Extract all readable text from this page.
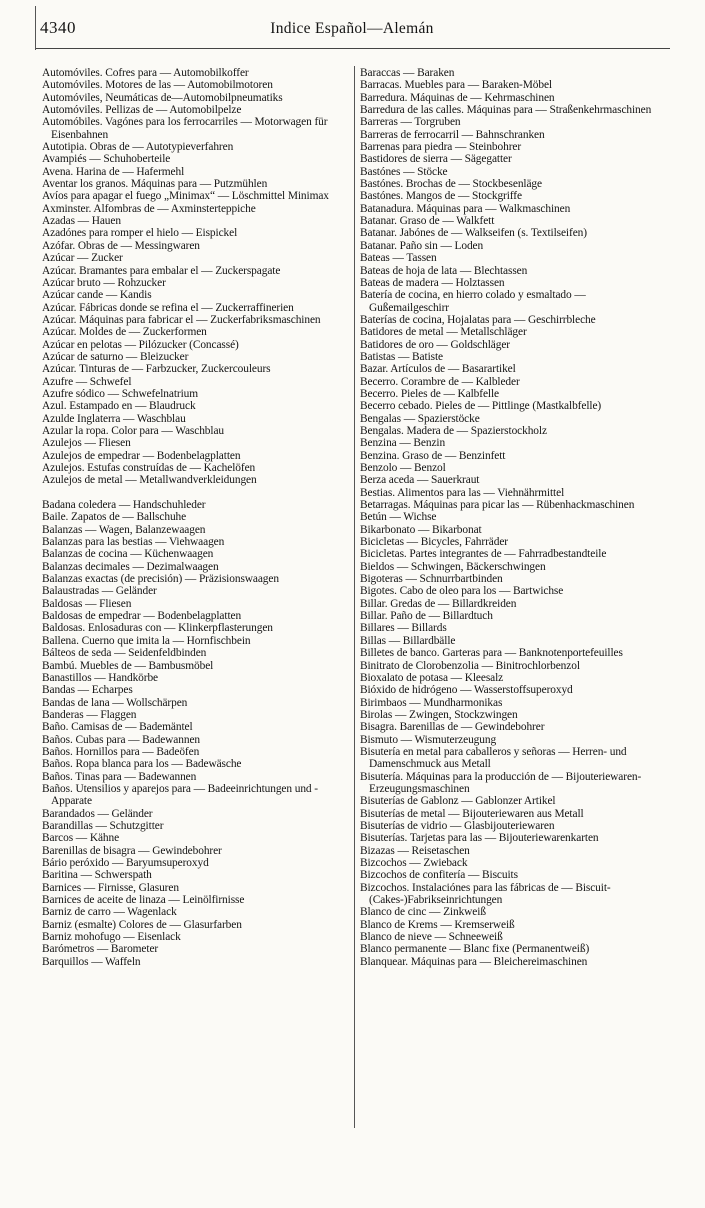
4340	Indice Español—Alemán
Automóviles. Cofres para — Automobilkoffer
Automóviles. Motores de las — Automobilmotoren
Automóviles, Neumáticas de—Automobilpneumatiks
Automóviles. Pellizas de — Automobilpelze
Automóbiles. Vagónes para los ferrocarriles — Motorwagen für Eisenbahnen
Autotipia. Obras de — Autotypieverfahren
Avampiés — Schuhoberteile
Avena. Harina de — Hafermehl
Aventar los granos. Máquinas para — Putzmühlen
Avíos para apagar el fuego „Minimax“ — Löschmittel Minimax
Axminster. Alfombras de — Axminsterteppiche
Azadas — Hauen
Azadónes para romper el hielo — Eispickel
Azófar. Obras de — Messingwaren
Azúcar — Zucker
Azúcar. Bramantes para embalar el — Zuckerspagate
Azúcar bruto — Rohzucker
Azúcar cande — Kandis
Azúcar. Fábricas donde se refina el — Zuckerraffinerien
Azúcar. Máquinas para fabricar el — Zuckerfabriksmaschinen
Azúcar. Moldes de — Zuckerformen
Azúcar en pelotas — Pilózucker (Concassé)
Azúcar de saturno — Bleizucker
Azúcar. Tinturas de — Farbzucker, Zuckercouleurs
Azufre — Schwefel
Azufre sódico — Schwefelnatrium
Azul. Estampado en — Blaudruck
Azulde Inglaterra — Waschblau
Azular la ropa. Color para — Waschblau
Azulejos — Fliesen
Azulejos de empedrar — Bodenbelagplatten
Azulejos. Estufas construídas de — Kachelöfen
Azulejos de metal — Metallwandverkleidungen
Badana coledera — Handschuhleder
Baile. Zapatos de — Ballschuhe
Balanzas — Wagen, Balanzewaagen
Balanzas para las bestias — Viehwaagen
Balanzas de cocina — Küchenwaagen
Balanzas decimales — Dezimalwaagen
Balanzas exactas (de precisión) — Präzisionswaagen
Balaustradas — Geländer
Baldosas — Fliesen
Baldosas de empedrar — Bodenbelagplatten
Baldosas. Enlosaduras con — Klinkerpflasterungen
Ballena. Cuerno que imita la — Hornfischbein
Bálteos de seda — Seidenfeldbinden
Bambú. Muebles de — Bambusmöbel
Banastillos — Handkörbe
Bandas — Echarpes
Bandas de lana — Wollschärpen
Banderas — Flaggen
Baño. Camisas de — Bademäntel
Baños. Cubas para — Badewannen
Baños. Hornillos para — Badeöfen
Baños. Ropa blanca para los — Badewäsche
Baños. Tinas para — Badewannen
Baños. Utensilios y aparejos para — Badeeinrichtungen und -Apparate
Barandados — Geländer
Barandillas — Schutzgitter
Barcos — Kähne
Barenillas de bisagra — Gewindebohrer
Bário peróxido — Baryumsuperoxyd
Baritina — Schwerspath
Barnices — Firnisse, Glasuren
Barnices de aceite de linaza — Leinölfirnisse
Barniz de carro — Wagenlack
Barniz (esmalte) Colores de — Glasurfarben
Barniz mohofugo — Eisenlack
Barómetros — Barometer
Barquillos — Waffeln
Baraccas — Baraken
Barracas. Muebles para — Baraken-Möbel
Barredura. Máquinas de — Kehrmaschinen
Barredura de las calles. Máquinas para — Straßenkehrmaschinen
Barreras — Torgruben
Barreras de ferrocarril — Bahnschranken
Barrenas para piedra — Steinbohrer
Bastidores de sierra — Sägegatter
Bastónes — Stöcke
Bastónes. Brochas de — Stockbesenläge
Bastónes. Mangos de — Stockgriffe
Batanadura. Máquinas para — Walkmaschinen
Batanar. Graso de — Walkfett
Batanar. Jabónes de — Walkseifen (s. Textilseifen)
Batanar. Paño sin — Loden
Bateas — Tassen
Bateas de hoja de lata — Blechtassen
Bateas de madera — Holztassen
Batería de cocina, en hierro colado y esmaltado — Gußemailgeschirr
Baterías de cocina, Hojalatas para — Geschirrbleche
Batidores de metal — Metallschläger
Batidores de oro — Goldschläger
Batistas — Batiste
Bazar. Artículos de — Basarartikel
Becerro. Corambre de — Kalbleder
Becerro. Pieles de — Kalbfelle
Becerro cebado. Pieles de — Pittlinge (Mastkalbfelle)
Bengalas — Spazierstöcke
Bengalas. Madera de — Spazierstockholz
Benzina — Benzin
Benzina. Graso de — Benzinfett
Benzolo — Benzol
Berza aceda — Sauerkraut
Bestias. Alimentos para las — Viehnährmittel
Betarragas. Máquinas para picar las — Rübenhackmaschinen
Betún — Wichse
Bikarbonato — Bikarbonat
Bicicletas — Bicycles, Fahrräder
Bicicletas. Partes integrantes de — Fahrradbestandteile
Bieldos — Schwingen, Bäckerschwingen
Bigoteras — Schnurrbartbinden
Bigotes. Cabo de oleo para los — Bartwichse
Billar. Gredas de — Billardkreiden
Billar. Paño de — Billardtuch
Billares — Billards
Billas — Billardbälle
Billetes de banco. Garteras para — Banknotenportefeuilles
Binitrato de Clorobenzolia — Binitrochlorbenzol
Bioxalato de potasa — Kleesalz
Bióxido de hidrógeno — Wasserstoffsuperoxyd
Birimbaos — Mundharmonikas
Birolas — Zwingen, Stockzwingen
Bisagra. Barenillas de — Gewindebohrer
Bismuto — Wismuterzeugung
Bisutería en metal para caballeros y señoras — Herren- und Damenschmuck aus Metall
Bisutería. Máquinas para la producción de — Bijouteriewaren-Erzeugungsmaschinen
Bisuterías de Gablonz — Gablonzer Artikel
Bisuterías de metal — Bijouteriewaren aus Metall
Bisuterías de vidrio — Glasbijouteriewaren
Bisuterías. Tarjetas para las — Bijouteriewarenkarten
Bizazas — Reisetaschen
Bizcochos — Zwieback
Bizcochos de confitería — Biscuits
Bizcochos. Instalaciónes para las fábricas de — Biscuit-(Cakes-)Fabrikseinrichtungen
Blanco de cinc — Zinkweiß
Blanco de Krems — Kremserweiß
Blanco de nieve — Schneeweiß
Blanco permanente — Blanc fixe (Permanentweiß)
Blanquear. Máquinas para — Bleichereimaschinen
